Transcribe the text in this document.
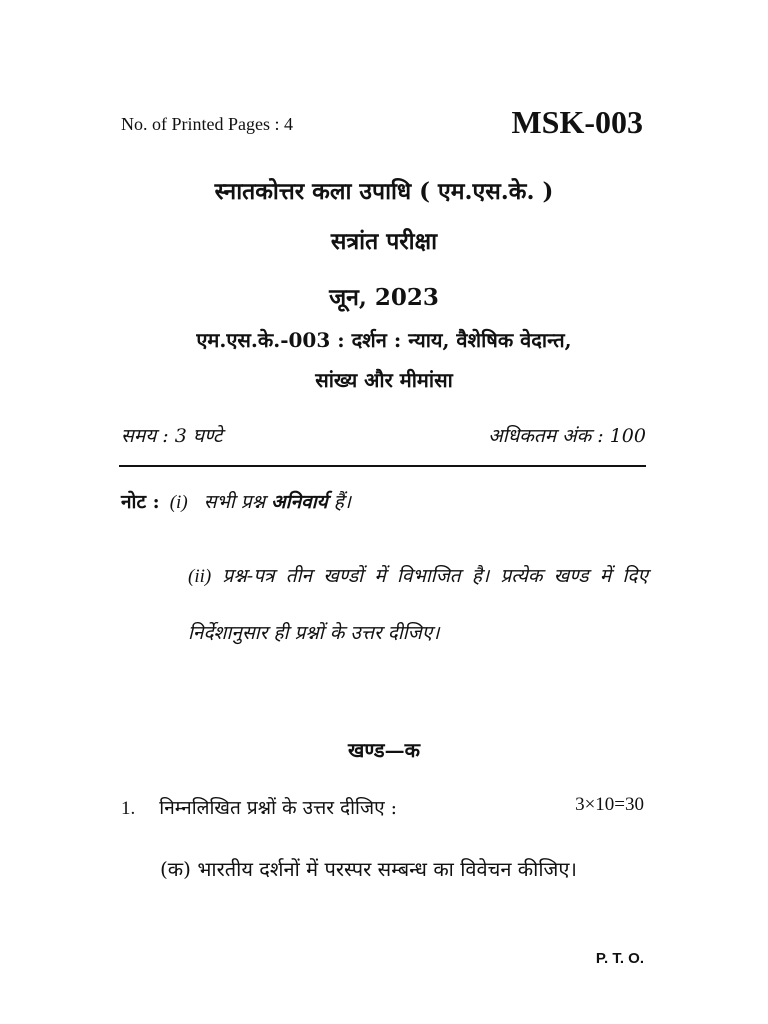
No. of Printed Pages : 4	MSK-003
स्नातकोत्तर कला उपाधि ( एम.एस.के. )
सत्रांत परीक्षा
जून, 2023
एम.एस.के.-003 : दर्शन : न्याय, वैशेषिक वेदान्त,
सांख्य और मीमांसा
समय : 3 घण्टे	अधिकतम अंक : 100
नोट : (i) सभी प्रश्न अनिवार्य हैं।
(ii) प्रश्न-पत्र तीन खण्डों में विभाजित है। प्रत्येक खण्ड में दिए निर्देशानुसार ही प्रश्नों के उत्तर दीजिए।
खण्ड—क
1. निम्नलिखित प्रश्नों के उत्तर दीजिए :	3×10=30
(क) भारतीय दर्शनों में परस्पर सम्बन्ध का विवेचन कीजिए।
P. T. O.
